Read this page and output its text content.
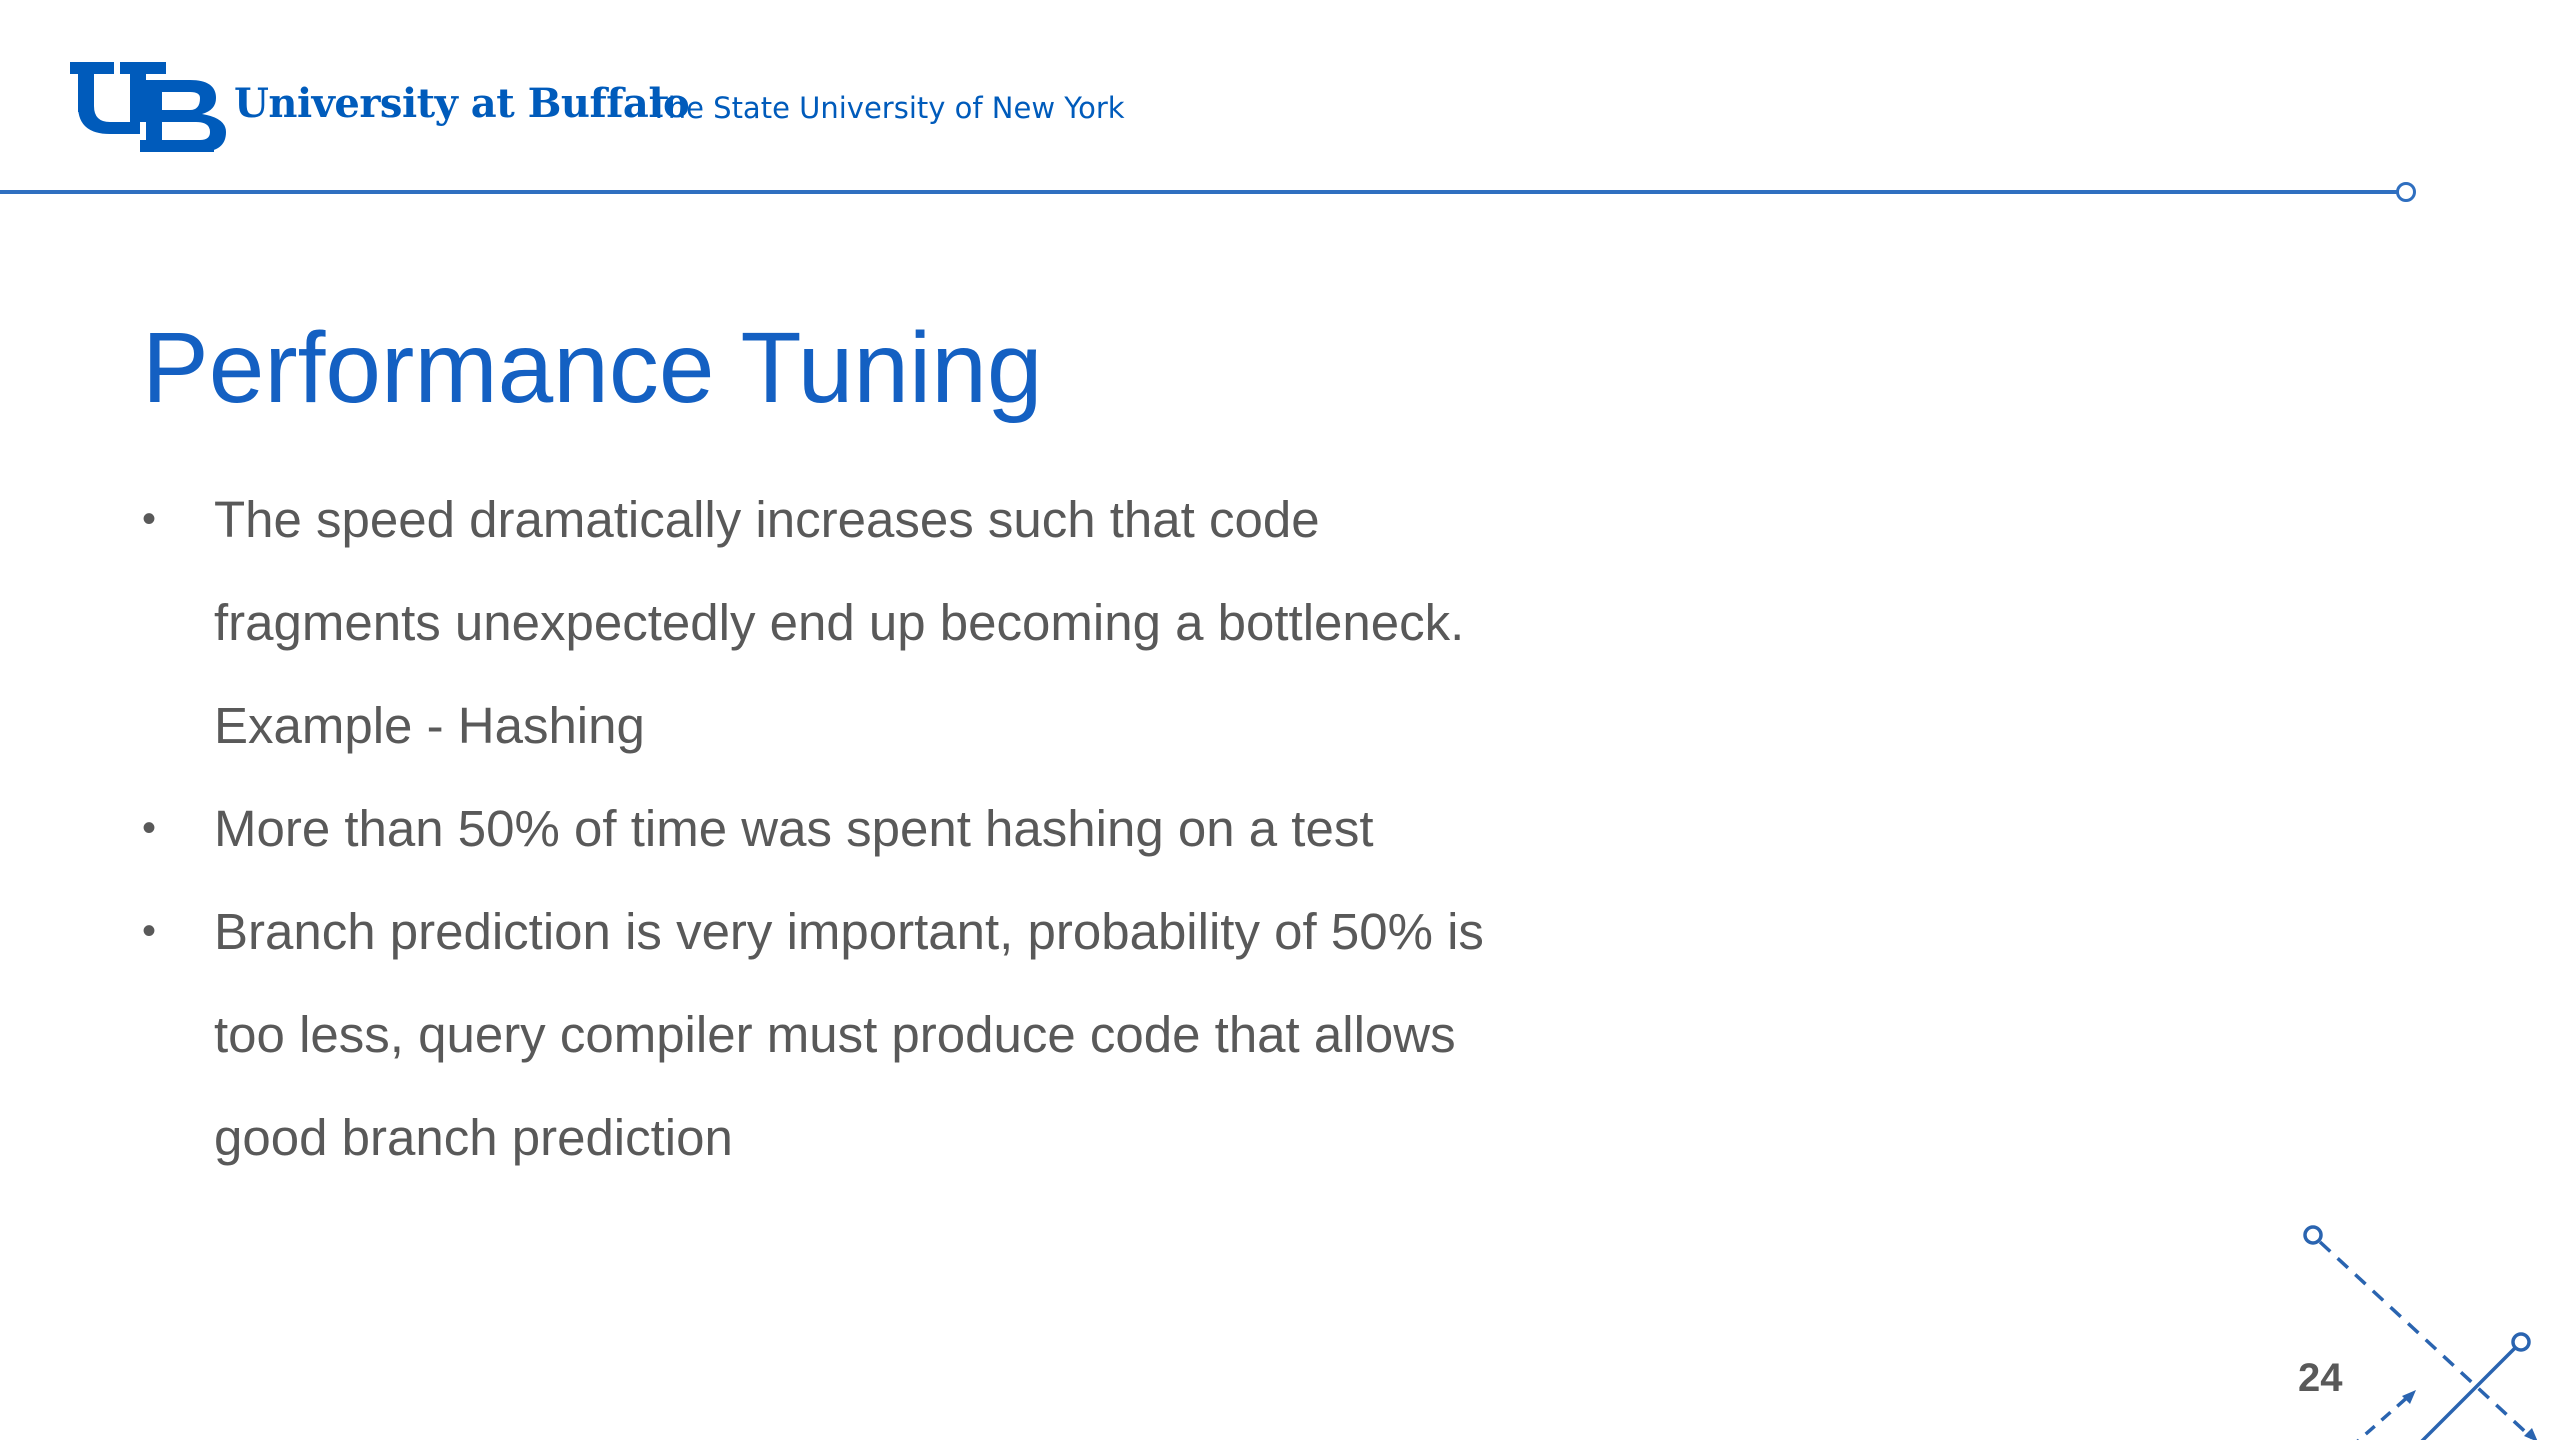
University at Buffalo
The State University of New York
Performance Tuning
• The speed dramatically increases such that code
fragments unexpectedly end up becoming a bottleneck.
Example - Hashing
• More than 50% of time was spent hashing on a test
• Branch prediction is very important, probability of 50% is
too less, query compiler must produce code that allows
good branch prediction
24
